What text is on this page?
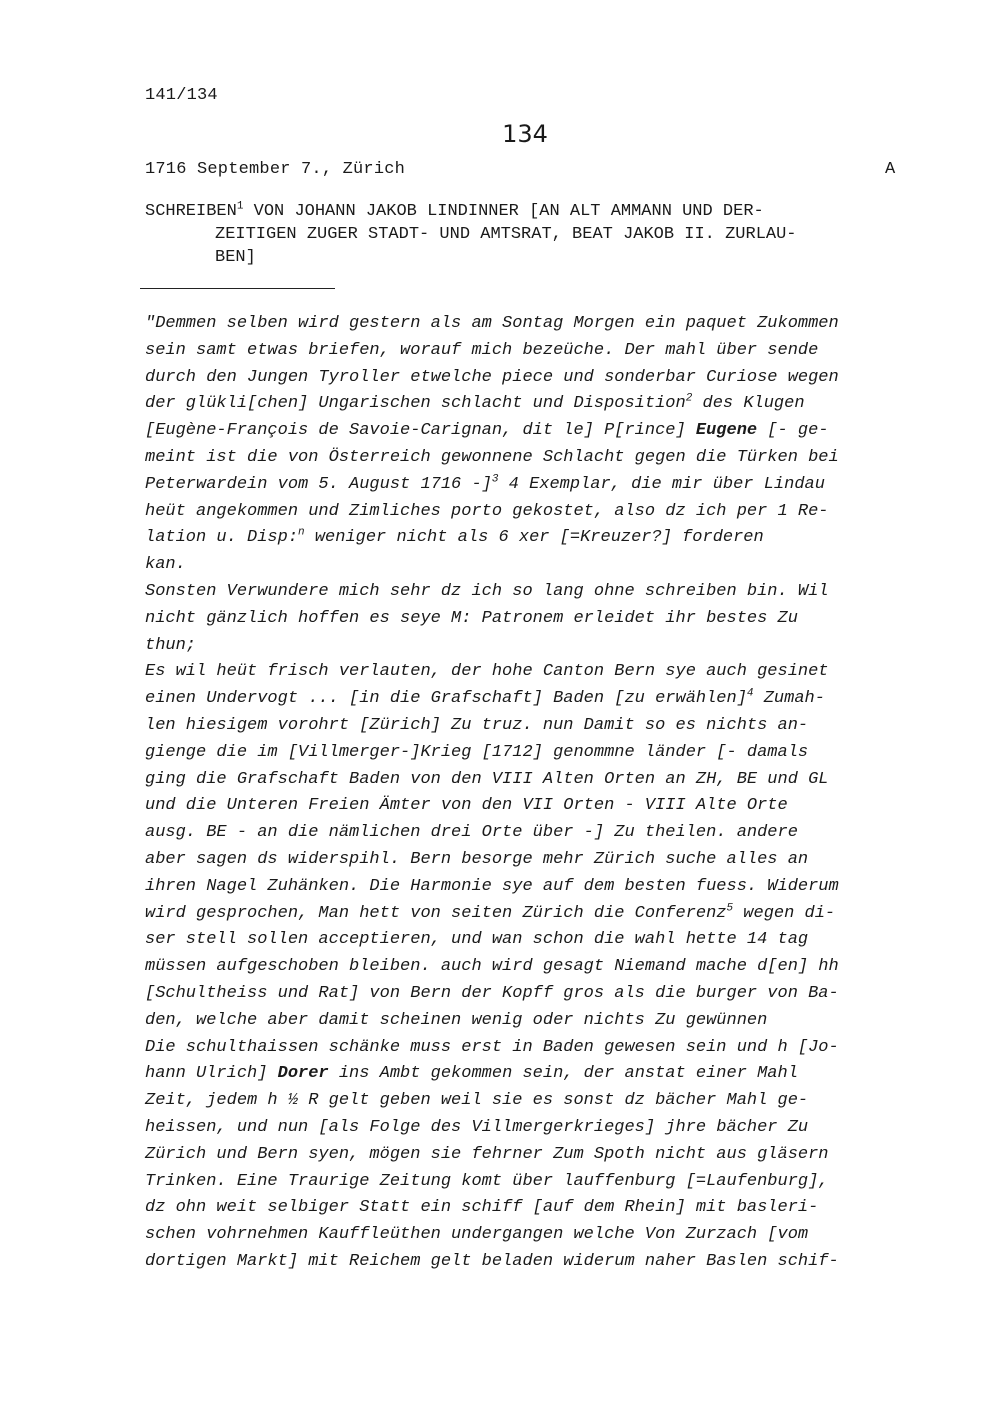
141/134
134
1716 September 7., Zürich	A
SCHREIBEN$^1$ VON JOHANN JAKOB LINDINNER [AN ALT AMMANN UND DER-
ZEITIGEN ZUGER STADT- UND AMTSRAT, BEAT JAKOB II. ZURLAU-
BEN]
"Demmen selben wird gestern als am Sontag Morgen ein paquet Zukommen
sein samt etwas briefen, worauf mich bezeüche. Der mahl über sende
durch den Jungen Tyroller etwelche piece und sonderbar Curiose wegen
der glükli[chen] Ungarischen schlacht und Disposition$^2$ des Klugen
[Eugène-François de Savoie-Carignan, dit le] P[rince] Eugene [- ge-
meint ist die von Österreich gewonnene Schlacht gegen die Türken bei
Peterwardein vom 5. August 1716 -]$^3$ 4 Exemplar, die mir über Lindau
heüt angekommen und Zimliches porto gekostet, also dz ich per 1 Re-
lation u. Disp:$^n$ weniger nicht als 6 xer [=Kreuzer?] forderen
kan.
Sonsten Verwundere mich sehr dz ich so lang ohne schreiben bin. Wil
nicht gänzlich hoffen es seye M: Patronem erleidet ihr bestes Zu
thun;
Es wil heüt frisch verlauten, der hohe Canton Bern sye auch gesinet
einen Undervogt ... [in die Grafschaft] Baden [zu erwählen]$^4$ Zumah-
len hiesigem vorohrt [Zürich] Zu truz. nun Damit so es nichts an-
gienge die im [Villmerger-]Krieg [1712] genommne länder [- damals
ging die Grafschaft Baden von den VIII Alten Orten an ZH, BE und GL
und die Unteren Freien Ämter von den VII Orten - VIII Alte Orte
ausg. BE - an die nämlichen drei Orte über -] Zu theilen. andere
aber sagen ds widerspihl. Bern besorge mehr Zürich suche alles an
ihren Nagel Zuhänken. Die Harmonie sye auf dem besten fuess. Widerum
wird gesprochen, Man hett von seiten Zürich die Conferenz$^5$ wegen di-
ser stell sollen acceptieren, und wan schon die wahl hette 14 tag
müssen aufgeschoben bleiben. auch wird gesagt Niemand mache d[en] hh
[Schultheiss und Rat] von Bern der Kopff gros als die burger von Ba-
den, welche aber damit scheinen wenig oder nichts Zu gewünnen
Die schulthaissen schänke muss erst in Baden gewesen sein und h [Jo-
hann Ulrich] Dorer ins Ambt gekommen sein, der anstat einer Mahl
Zeit, jedem h ½ R gelt geben weil sie es sonst dz bächer Mahl ge-
heissen, und nun [als Folge des Villmergerkrieges] jhre bächer Zu
Zürich und Bern syen, mögen sie fehrner Zum Spoth nicht aus gläsern
Trinken. Eine Traurige Zeitung komt über lauffenburg [=Laufenburg],
dz ohn weit selbiger Statt ein schiff [auf dem Rhein] mit basleri-
schen vohrnehmen Kauffleüthen undergangen welche Von Zurzach [vom
dortigen Markt] mit Reichem gelt beladen widerum naher Baslen schif-
